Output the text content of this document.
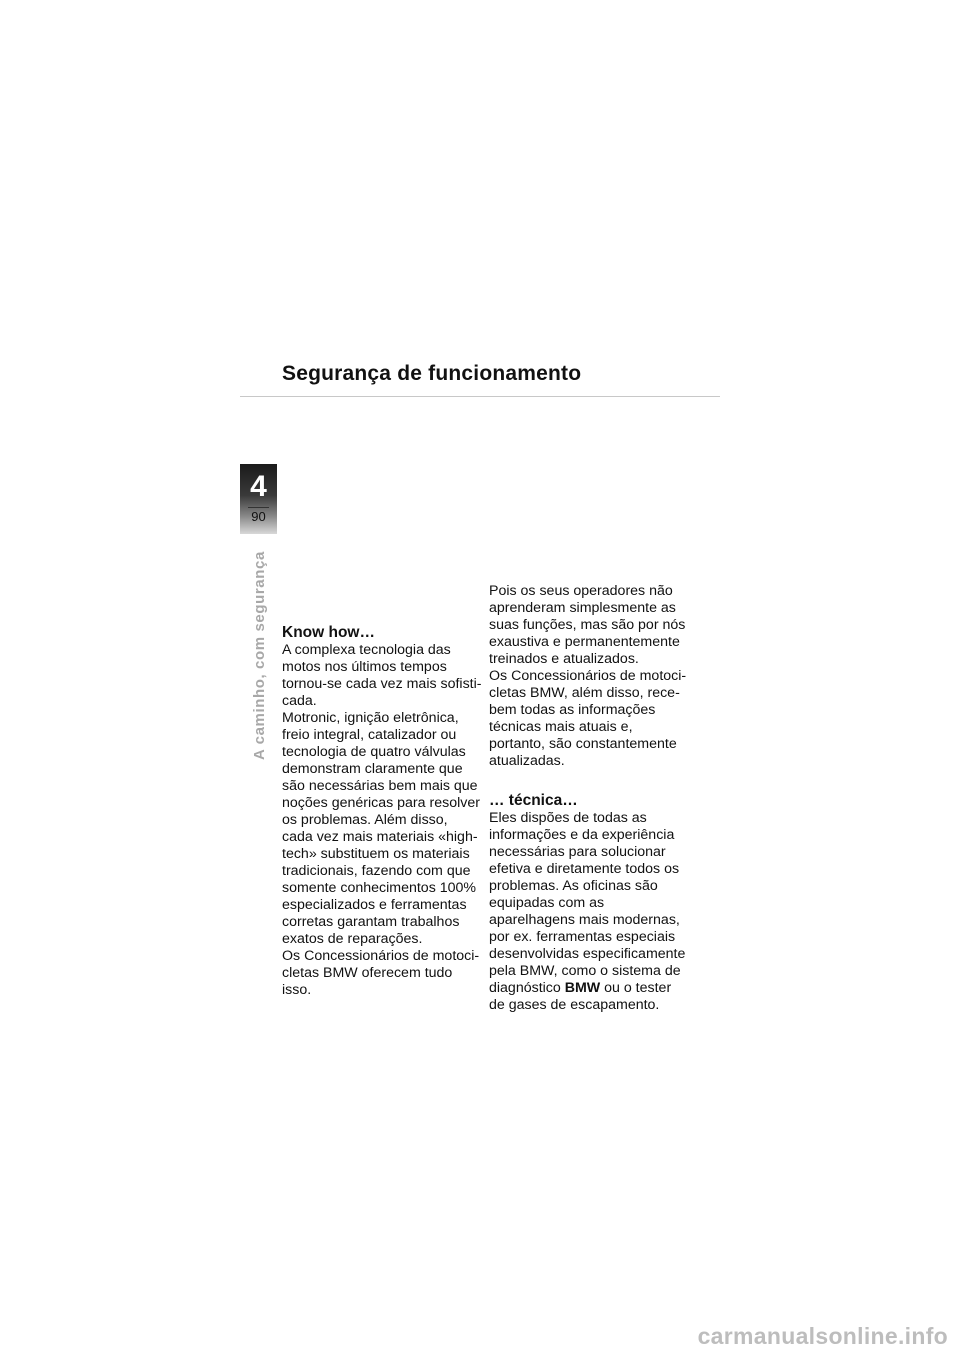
Segurança de funcionamento
4
90
A caminho, com segurança Know how…

A complexa tecnologia das

motos nos últimos tempos

tornou-se cada vez mais sofisti-

cada.

Motronic, ignição eletrônica,

freio integral, catalizador ou

tecnologia de quatro válvulas

demonstram claramente que

são necessárias bem mais que

noções genéricas para resolver

os problemas. Além disso,

cada vez mais materiais «high-

tech» substituem os materiais

tradicionais, fazendo com que

somente conhecimentos 100%

especializados e ferramentas

corretas garantam trabalhos

exatos de reparações.

Os Concessionários de motoci-

cletas BMW oferecem tudo

isso.

Pois os seus operadores não

aprenderam simplesmente as

suas funções, mas são por nós

exaustiva e permanentemente

treinados e atualizados.

Os Concessionários de motoci-

cletas BMW, além disso, rece-

bem todas as informações

técnicas mais atuais e,

portanto, são constantemente

atualizadas.

… técnica…

Eles dispões de todas as

informações e da experiência

necessárias para solucionar

efetiva e diretamente todos os

problemas. As oficinas são

equipadas com as

aparelhagens mais modernas,

por ex. ferramentas especiais

desenvolvidas especificamente

pela BMW, como o sistema de

diagnóstico BMW ou o tester

de gases de escapamento.

carmanualsonline.info
